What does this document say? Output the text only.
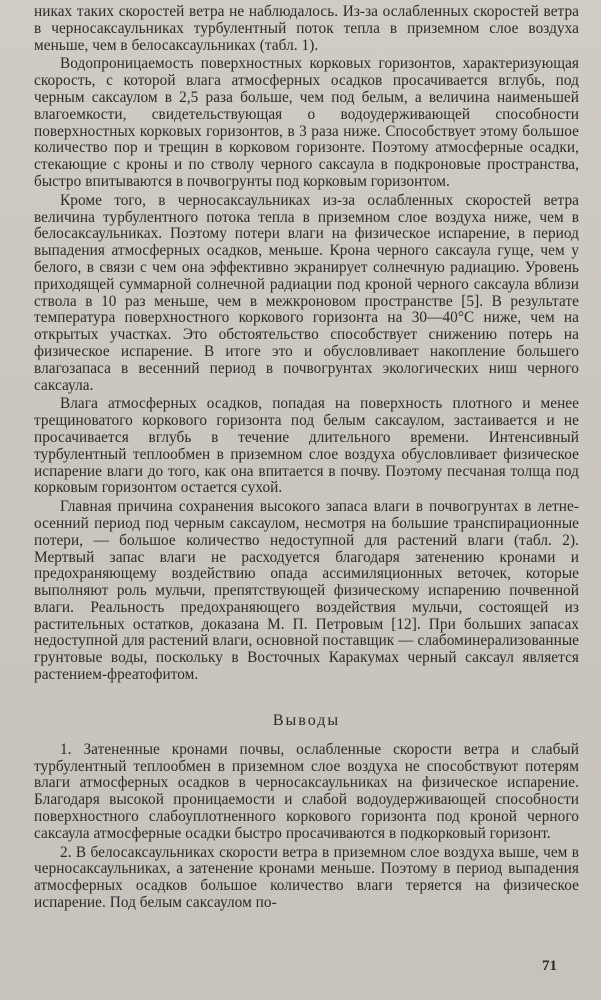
никах таких скоростей ветра не наблюдалось. Из-за ослабленных скоростей ветра в черносаксаульниках турбулентный поток тепла в приземном слое воздуха меньше, чем в белосаксаульниках (табл. 1).

Водопроницаемость поверхностных корковых горизонтов, характеризующая скорость, с которой влага атмосферных осадков просачивается вглубь, под черным саксаулом в 2,5 раза больше, чем под белым, а величина наименьшей влагоемкости, свидетельствующая о водоудерживающей способности поверхностных корковых горизонтов, в 3 раза ниже. Способствует этому большое количество пор и трещин в корковом горизонте. Поэтому атмосферные осадки, стекающие с кроны и по стволу черного саксаула в подкроновые пространства, быстро впитываются в почвогрунты под корковым горизонтом.

Кроме того, в черносаксаульниках из-за ослабленных скоростей ветра величина турбулентного потока тепла в приземном слое воздуха ниже, чем в белосаксаульниках. Поэтому потери влаги на физическое испарение, в период выпадения атмосферных осадков, меньше. Крона черного саксаула гуще, чем у белого, в связи с чем она эффективно экранирует солнечную радиацию. Уровень приходящей суммарной солнечной радиации под кроной черного саксаула вблизи ствола в 10 раз меньше, чем в межкроновом пространстве [5]. В результате температура поверхностного коркового горизонта на 30—40°С ниже, чем на открытых участках. Это обстоятельство способствует снижению потерь на физическое испарение. В итоге это и обусловливает накопление большего влагозапаса в весенний период в почвогрунтах экологических ниш черного саксаула.

Влага атмосферных осадков, попадая на поверхность плотного и менее трещиноватого коркового горизонта под белым саксаулом, застаивается и не просачивается вглубь в течение длительного времени. Интенсивный турбулентный теплообмен в приземном слое воздуха обусловливает физическое испарение влаги до того, как она впитается в почву. Поэтому песчаная толща под корковым горизонтом остается сухой.

Главная причина сохранения высокого запаса влаги в почвогрунтах в летне-осенний период под черным саксаулом, несмотря на большие транспирационные потери, — большое количество недоступной для растений влаги (табл. 2). Мертвый запас влаги не расходуется благодаря затенению кронами и предохраняющему воздействию опада ассимиляционных веточек, которые выполняют роль мульчи, препятствующей физическому испарению почвенной влаги. Реальность предохраняющего воздействия мульчи, состоящей из растительных остатков, доказана М. П. Петровым [12]. При больших запасах недоступной для растений влаги, основной поставщик — слабоминерализованные грунтовые воды, поскольку в Восточных Каракумах черный саксаул является растением-фреатофитом.

Выводы

1. Затененные кронами почвы, ослабленные скорости ветра и слабый турбулентный теплообмен в приземном слое воздуха не способствуют потерям влаги атмосферных осадков в черносаксаульниках на физическое испарение. Благодаря высокой проницаемости и слабой водоудерживающей способности поверхностного слабоуплотненного коркового горизонта под кроной черного саксаула атмосферные осадки быстро просачиваются в подкорковый горизонт.

2. В белосаксаульниках скорости ветра в приземном слое воздуха выше, чем в черносаксаульниках, а затенение кронами меньше. Поэтому в период выпадения атмосферных осадков большое количество влаги теряется на физическое испарение. Под белым саксаулом по-

71
